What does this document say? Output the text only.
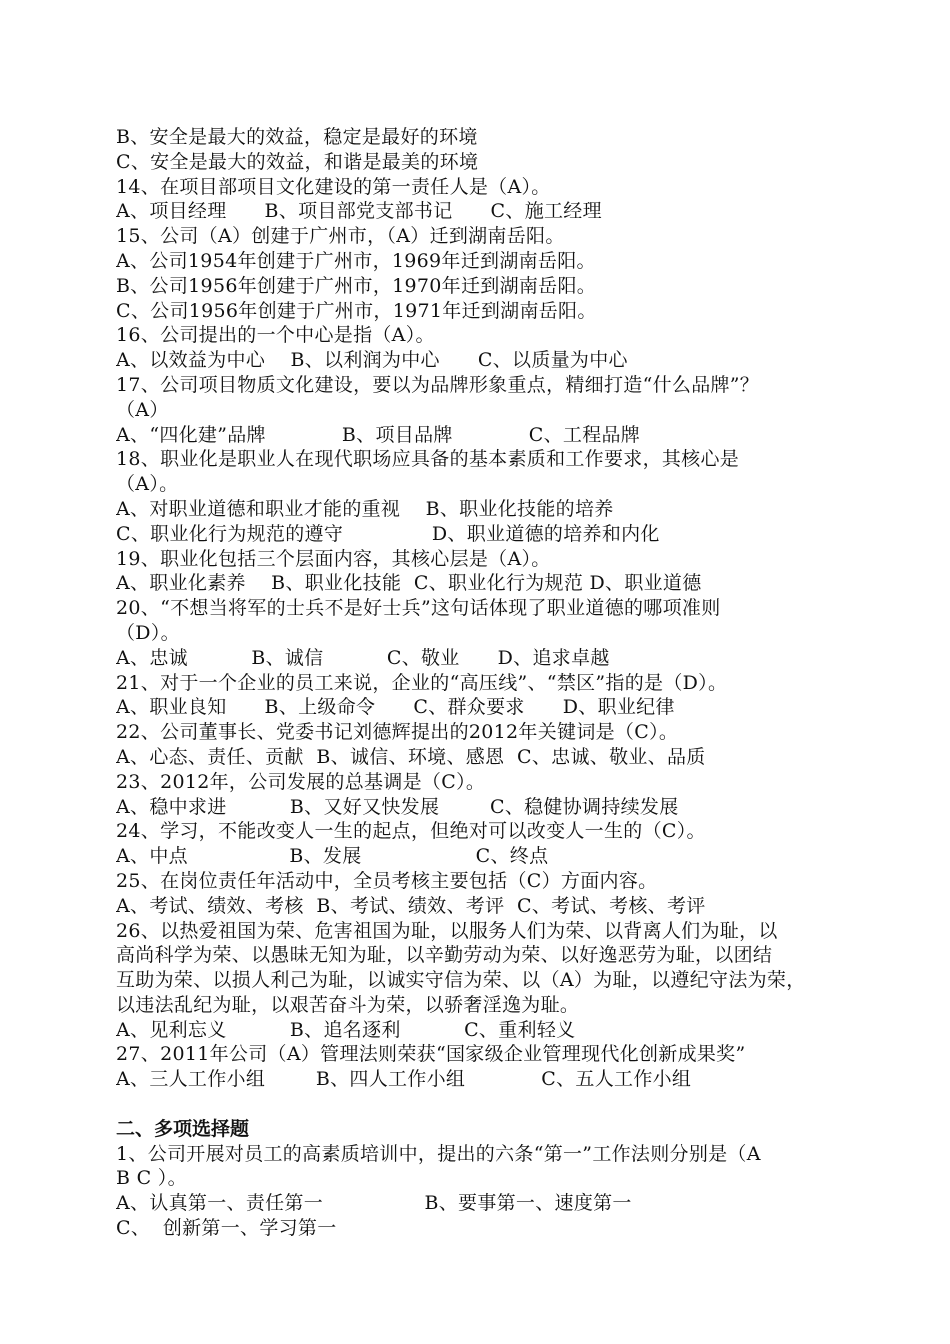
B、安全是最大的效益，稳定是最好的环境
C、安全是最大的效益，和谐是最美的环境
14、在项目部项目文化建设的第一责任人是（A）。
A、项目经理      B、项目部党支部书记      C、施工经理
15、公司（A）创建于广州市，（A）迁到湖南岳阳。
A、公司1954年创建于广州市，1969年迁到湖南岳阳。
B、公司1956年创建于广州市，1970年迁到湖南岳阳。
C、公司1956年创建于广州市，1971年迁到湖南岳阳。
16、公司提出的一个中心是指（A）。
A、以效益为中心    B、以利润为中心      C、以质量为中心
17、公司项目物质文化建设，要以为品牌形象重点，精细打造“什么品牌”？
（A）
A、“四化建”品牌            B、项目品牌            C、工程品牌
18、职业化是职业人在现代职场应具备的基本素质和工作要求，其核心是
（A）。
A、对职业道德和职业才能的重视    B、职业化技能的培养
C、职业化行为规范的遵守              D、职业道德的培养和内化
19、职业化包括三个层面内容，其核心层是（A）。
A、职业化素养    B、职业化技能  C、职业化行为规范 D、职业道德
20、“不想当将军的士兵不是好士兵”这句话体现了职业道德的哪项准则
（D）。
A、忠诚          B、诚信          C、敬业      D、追求卓越
21、对于一个企业的员工来说，企业的“高压线”、“禁区”指的是（D）。
A、职业良知      B、上级命令      C、群众要求      D、职业纪律
22、公司董事长、党委书记刘德辉提出的2012年关键词是（C）。
A、心态、责任、贡献  B、诚信、环境、感恩  C、忠诚、敬业、品质
23、2012年，公司发展的总基调是（C）。
A、稳中求进          B、又好又快发展        C、稳健协调持续发展
24、学习，不能改变人一生的起点，但绝对可以改变人一生的（C）。
A、中点                B、发展                  C、终点
25、在岗位责任年活动中，全员考核主要包括（C）方面内容。
A、考试、绩效、考核  B、考试、绩效、考评  C、考试、考核、考评
26、以热爱祖国为荣、危害祖国为耻，以服务人们为荣、以背离人们为耻，以
高尚科学为荣、以愚昧无知为耻，以辛勤劳动为荣、以好逸恶劳为耻，以团结
互助为荣、以损人利己为耻，以诚实守信为荣、以（A）为耻，以遵纪守法为荣，
以违法乱纪为耻，以艰苦奋斗为荣，以骄奢淫逸为耻。
A、见利忘义          B、追名逐利          C、重利轻义
27、2011年公司（A）管理法则荣获“国家级企业管理现代化创新成果奖”
A、三人工作小组        B、四人工作小组            C、五人工作小组
二、多项选择题
1、公司开展对员工的高素质培训中，提出的六条“第一”工作法则分别是（A
B C ）。
A、认真第一、责任第一                B、要事第一、速度第一
C、  创新第一、学习第一
